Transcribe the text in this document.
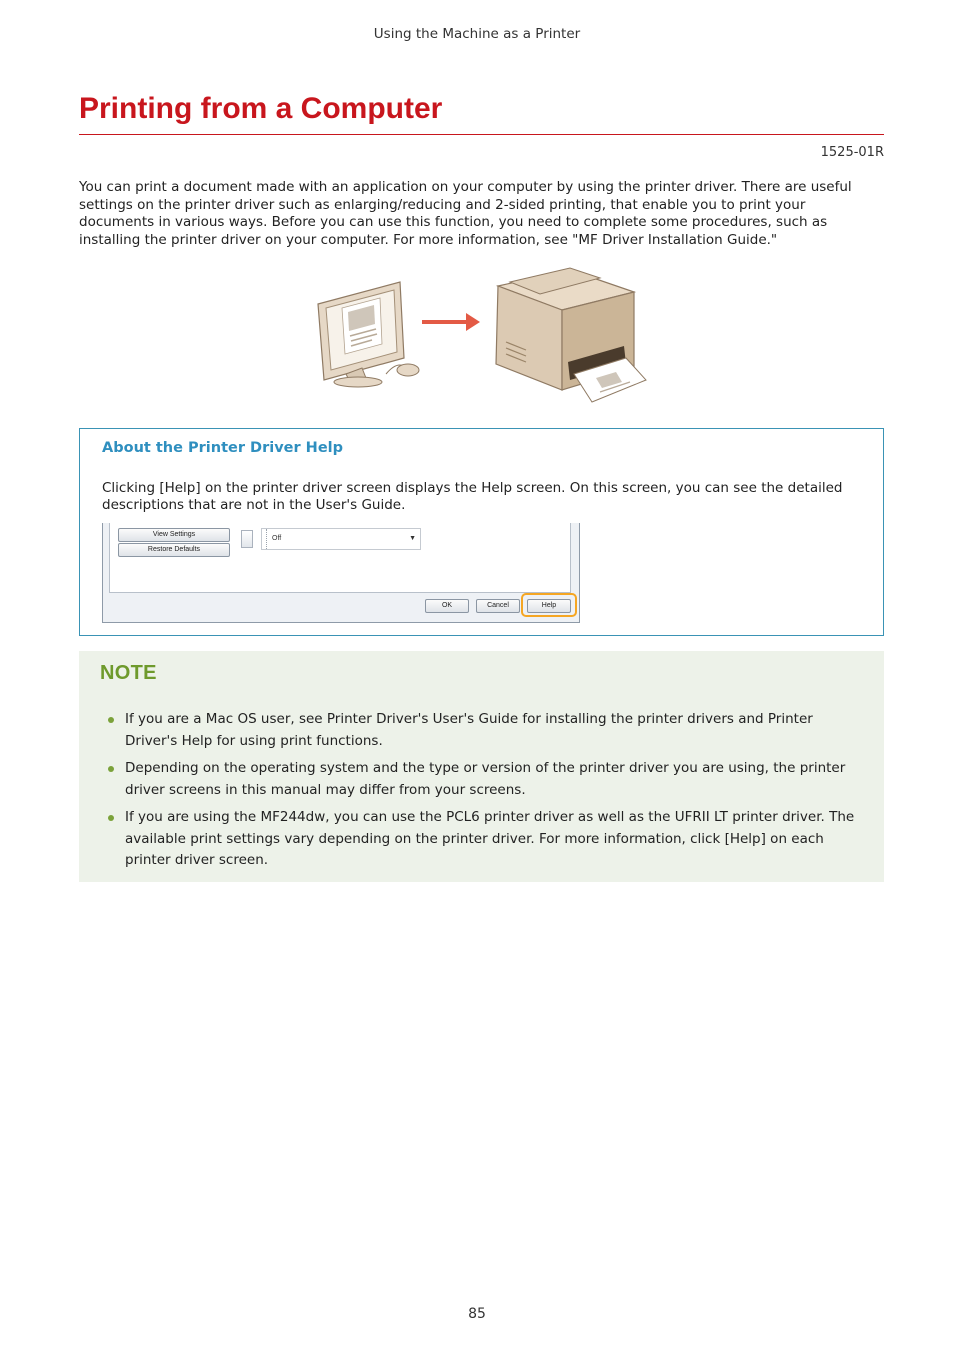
Using the Machine as a Printer
Printing from a Computer
1525-01R

You can print a document made with an application on your computer by using the printer driver. There are useful settings on the printer driver such as enlarging/reducing and 2-sided printing, that enable you to print your documents in various ways. Before you can use this function, you need to complete some procedures, such as installing the printer driver on your computer. For more information, see "MF Driver Installation Guide."

About the Printer Driver Help

Clicking [Help] on the printer driver screen displays the Help screen. On this screen, you can see the detailed descriptions that are not in the User's Guide.

View Settings
Restore Defaults
Off	▼
OK	Cancel	Help
NOTE
If you are a Mac OS user, see Printer Driver's User's Guide for installing the printer drivers and Printer Driver's Help for using print functions.
Depending on the operating system and the type or version of the printer driver you are using, the printer driver screens in this manual may differ from your screens.
If you are using the MF244dw, you can use the PCL6 printer driver as well as the UFRII LT printer driver. The available print settings vary depending on the printer driver. For more information, click [Help] on each printer driver screen.
85
